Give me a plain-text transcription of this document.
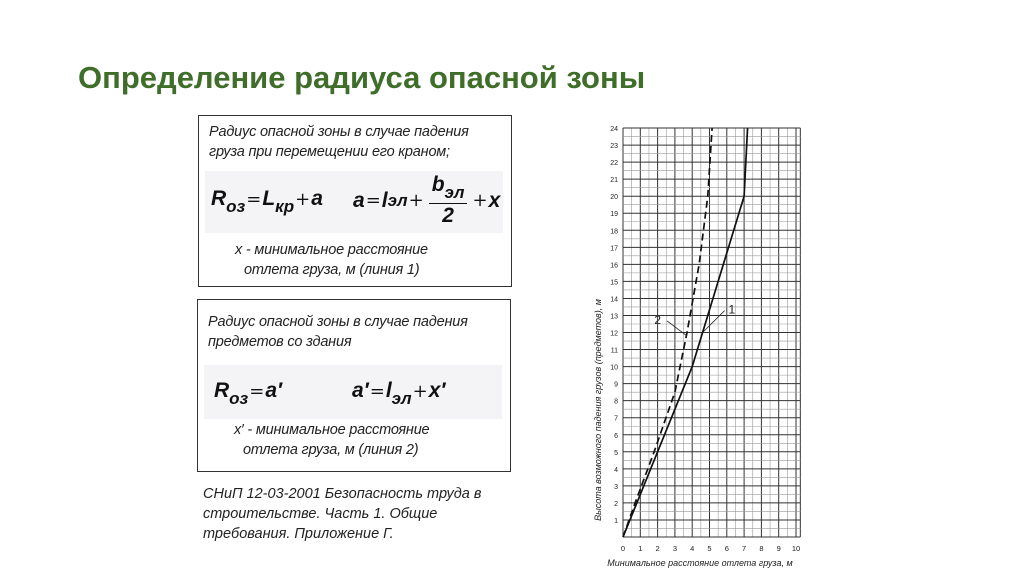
Определение радиуса опасной зоны
Радиус опасной зоны в случае падения
груза при перемещении его краном;
$R_{оз}=L_{кр}+a$ a = l эл + $\frac{b_{эл}}{2} + x$
x - минимальное расстояние
отлета груза, м (линия 1)
Радиус опасной зоны в случае падения
предметов со здания
$R_{оз}=a'$	$a'=l_{эл}+x'$
x′ - минимальное расстояние
отлета груза, м (линия 2)
СНиП 12-03-2001 Безопасность труда в строительстве. Часть 1. Общие требования. Приложение Г.
0 1 2 3 4 5 6 7 8 9 10
1
2
3
4
5
6
7
8
9
10
11
12
13
14
15
16
17
18
19
20
21
22
23
24
1
2
Минимальное расстояние отлета груза, м
Высота возможного падения грузов (предметов), м
